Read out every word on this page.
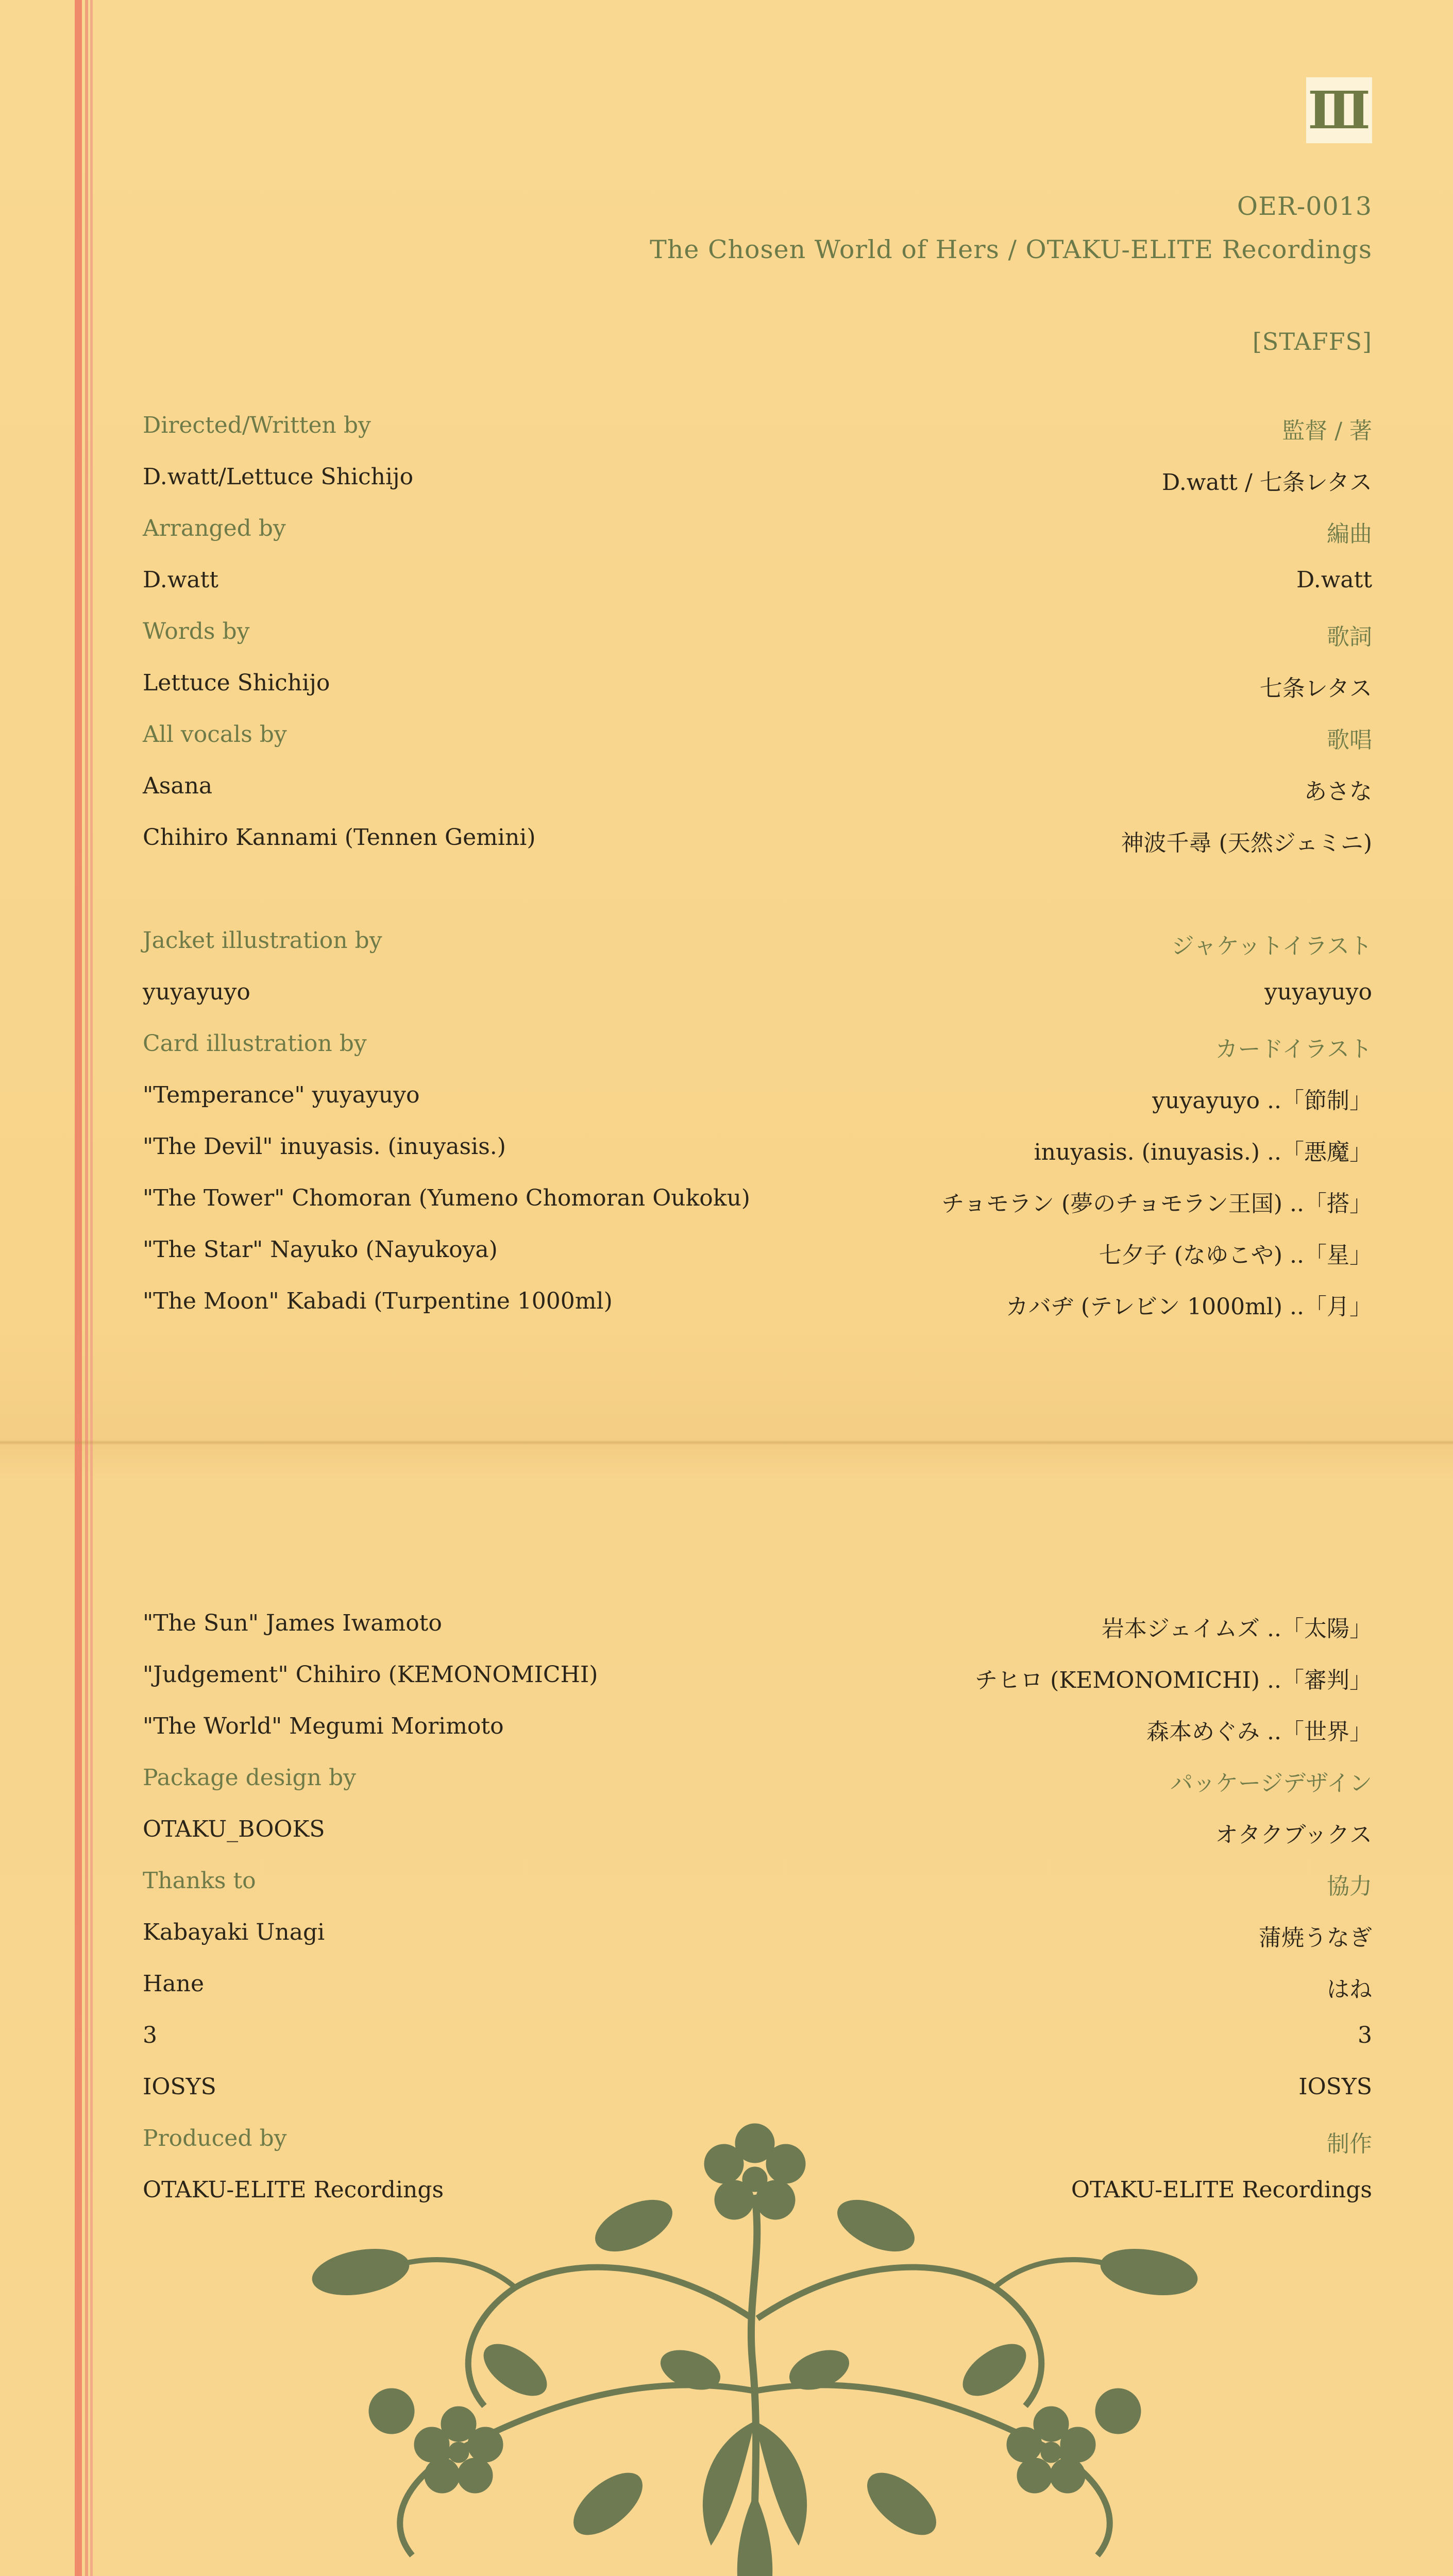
Ⅲ
OER-0013
The Chosen World of Hers / OTAKU-ELITE Recordings
[STAFFS]
Directed/Written by	監督 / 著
D.watt/Lettuce Shichijo	D.watt / 七条レタス
Arranged by	編曲
D.watt	D.watt
Words by	歌詞
Lettuce Shichijo	七条レタス
All vocals by	歌唱
Asana	あさな
Chihiro Kannami (Tennen Gemini)	神波千尋 (天然ジェミニ)
Jacket illustration by	ジャケットイラスト
yuyayuyo	yuyayuyo
Card illustration by	カードイラスト
"Temperance" yuyayuyo	yuyayuyo ..「節制」
"The Devil" inuyasis. (inuyasis.)	inuyasis. (inuyasis.) ..「悪魔」
"The Tower" Chomoran (Yumeno Chomoran Oukoku)	チョモラン (夢のチョモラン王国) ..「搭」
"The Star" Nayuko (Nayukoya)	七夕子 (なゆこや) ..「星」
"The Moon" Kabadi (Turpentine 1000ml)	カバヂ (テレビン 1000ml) ..「月」
"The Sun" James Iwamoto	岩本ジェイムズ ..「太陽」
"Judgement" Chihiro (KEMONOMICHI)	チヒロ (KEMONOMICHI) ..「審判」
"The World" Megumi Morimoto	森本めぐみ ..「世界」
Package design by	パッケージデザイン
OTAKU_BOOKS	オタクブックス
Thanks to	協力
Kabayaki Unagi	蒲焼うなぎ
Hane	はね
3	3
IOSYS	IOSYS
Produced by	制作
OTAKU-ELITE Recordings	OTAKU-ELITE Recordings
